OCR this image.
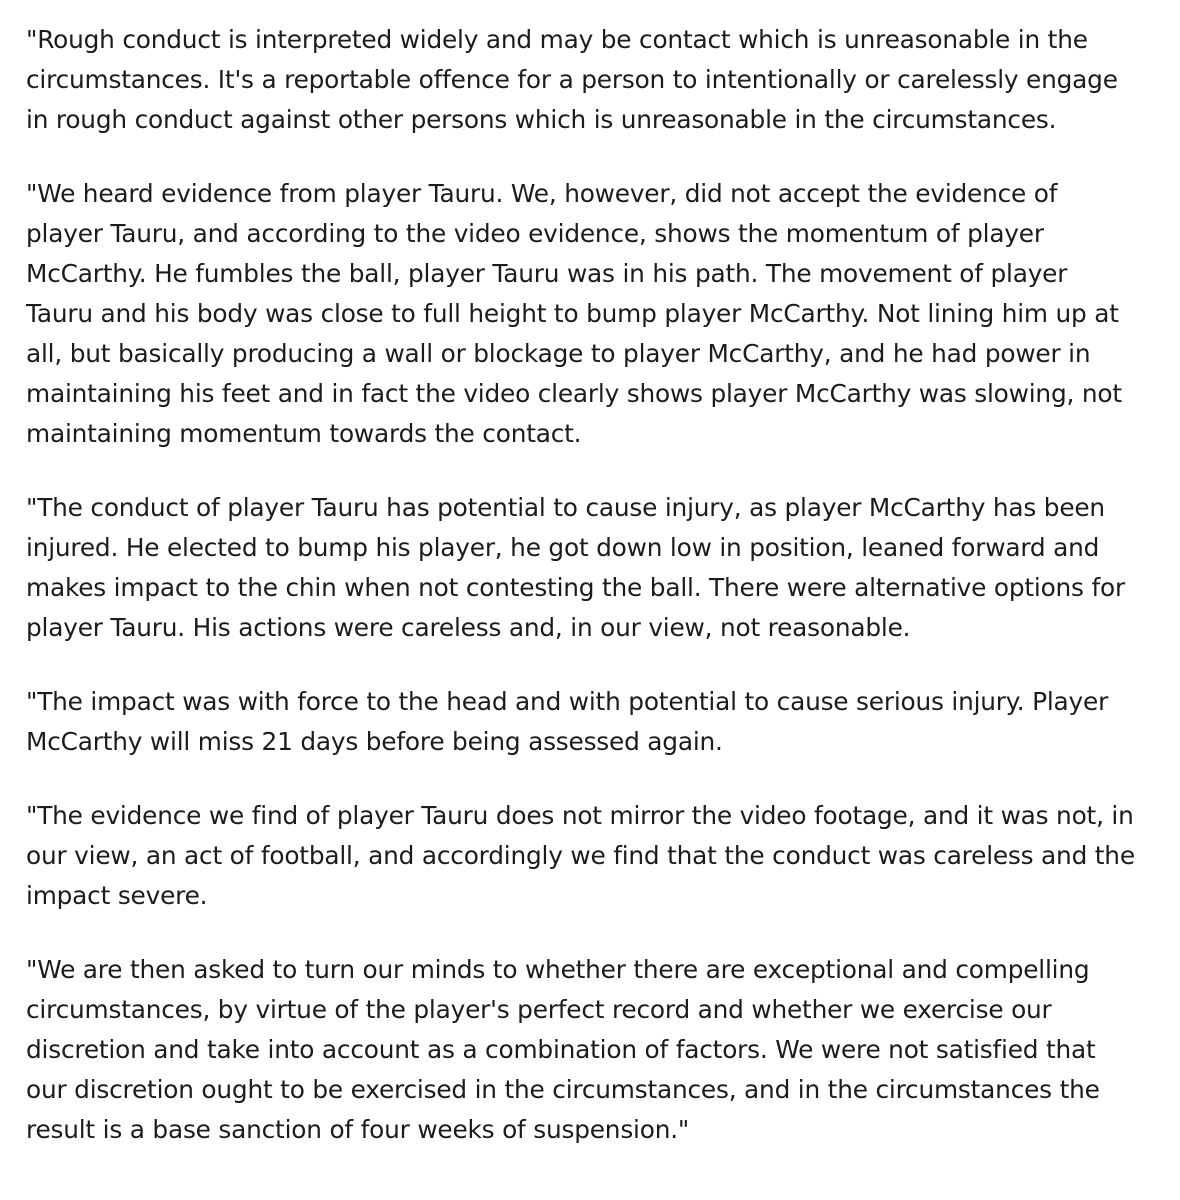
"Rough conduct is interpreted widely and may be contact which is unreasonable in the circumstances. It's a reportable offence for a person to intentionally or carelessly engage in rough conduct against other persons which is unreasonable in the circumstances.

"We heard evidence from player Tauru. We, however, did not accept the evidence of player Tauru, and according to the video evidence, shows the momentum of player McCarthy. He fumbles the ball, player Tauru was in his path. The movement of player Tauru and his body was close to full height to bump player McCarthy. Not lining him up at all, but basically producing a wall or blockage to player McCarthy, and he had power in maintaining his feet and in fact the video clearly shows player McCarthy was slowing, not maintaining momentum towards the contact.

"The conduct of player Tauru has potential to cause injury, as player McCarthy has been injured. He elected to bump his player, he got down low in position, leaned forward and makes impact to the chin when not contesting the ball. There were alternative options for player Tauru. His actions were careless and, in our view, not reasonable.

"The impact was with force to the head and with potential to cause serious injury. Player McCarthy will miss 21 days before being assessed again.

"The evidence we find of player Tauru does not mirror the video footage, and it was not, in our view, an act of football, and accordingly we find that the conduct was careless and the impact severe.

"We are then asked to turn our minds to whether there are exceptional and compelling circumstances, by virtue of the player's perfect record and whether we exercise our discretion and take into account as a combination of factors. We were not satisfied that our discretion ought to be exercised in the circumstances, and in the circumstances the result is a base sanction of four weeks of suspension."
